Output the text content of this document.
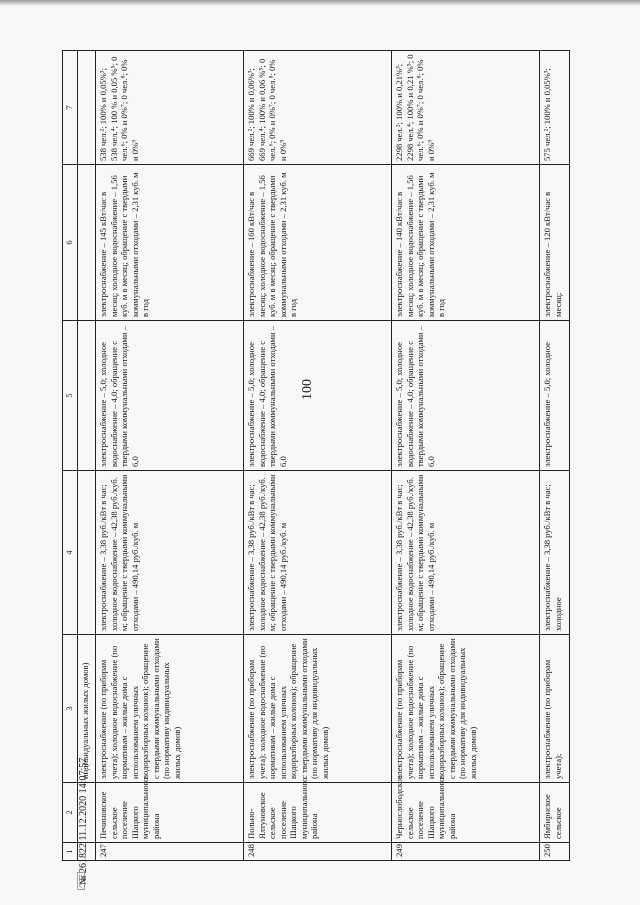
100
1	2	3	4	5	6	7
		индивидуальных жилых домов)				
247	Печиновское сельское поселение Шацкого муниципального района	электроснабжение (по приборам учета); холодное водоснабжение (по нормативам – жилые дома с использованием уличных водоразборных колонок); обращение с твердыми коммунальными отходами (по нормативу индивидуальных жилых домов)	электроснабжение – 3,38 руб./кВт в час; холодное водоснабжение – 42,38 руб./куб. м; обращение с твердыми коммунальными отходами – 490,14 руб./куб. м	электроснабжение – 5,0; холодное водоснабжение – 4,0; обращение с твердыми коммунальными отходами – 6,0	электроснабжение – 145 кВт/час в месяц; холодное водоснабжение – 1,56 куб. м в месяц; обращение с твердыми коммунальными отходами – 2,31 куб. м в год	538 чел.²; 100% и 0,05%³; 538 чел.⁴; 100 % и 0,05 %⁵; 0 чел.⁶; 0% и 0%⁷; 0 чел.⁸; 0% и 0%⁹
248	Польно-Ялтуновское сельское поселение Шацкого муниципального района	электроснабжение (по приборам учета); холодное водоснабжение (по нормативам – жилые дома с использованием уличных водоразборных колонок); обращение с твердыми коммунальными отходами (по нормативу для индивидуальных жилых домов)	электроснабжение – 3,38 руб./кВт в час; холодное водоснабжение – 42,38 руб./куб. м; обращение с твердыми коммунальными отходами – 490,14 руб./куб. м	электроснабжение – 5,0; холодное водоснабжение – 4,0; обращение с твердыми коммунальными отходами – 6,0	электроснабжение – 160 кВт/час в месяц; холодное водоснабжение – 1,56 куб. м в месяц; обращение с твердыми коммунальными отходами – 2,31 куб. м в год	669 чел.²; 100% и 0,06%³; 669 чел.⁴; 100% и 0,06 %⁵; 0 чел.⁶; 0% и 0%⁷; 0 чел.⁸; 0% и 0%⁹
249	Чернослободское сельское поселение Шацкого муниципального района	электроснабжение (по приборам учета); холодное водоснабжение (по нормативам – жилые дома с использованием уличных водоразборных колонок); обращение с твердыми коммунальными отходами (по нормативу для индивидуальных жилых домов)	электроснабжение – 3,38 руб./кВт в час; холодное водоснабжение – 42,38 руб./куб. м; обращение с твердыми коммунальными отходами – 490,14 руб./куб. м	электроснабжение – 5,0; холодное водоснабжение – 4,0; обращение с твердыми коммунальными отходами – 6,0	электроснабжение – 140 кВт/час в месяц; холодное водоснабжение – 1,56 куб. м в месяц; обращение с твердыми коммунальными отходами – 2,31 куб. м в год	2298 чел.²; 100% и 0,21%³; 2298 чел.⁴; 100% и 0,21 %⁵; 0 чел.⁶; 0% и 0%⁷; 0 чел.⁸; 0% и 0%⁹
250	Ямбирнское сельское	электроснабжение (по приборам учета);	электроснабжение – 3,38 руб./кВт в час; холодное	электроснабжение – 5,0; холодное	электроснабжение – 120 кВт/час в месяц;	575 чел.²; 100% и 0,05%³;
№ 261822 11.12.2020 14:07:57
